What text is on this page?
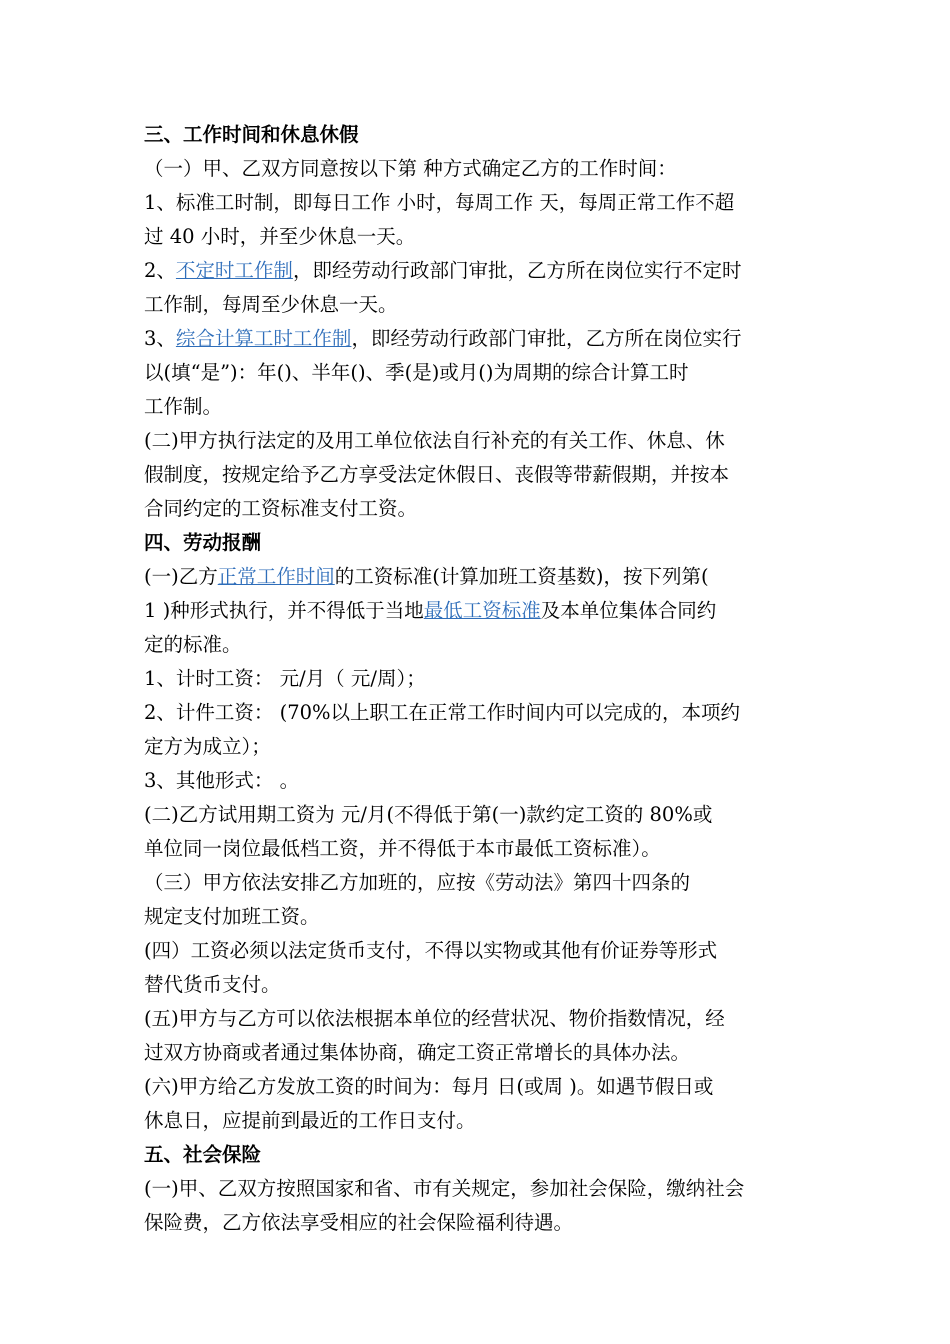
三、工作时间和休息休假
（一）甲、乙双方同意按以下第 种方式确定乙方的工作时间：
1、标准工时制，即每日工作 小时，每周工作 天，每周正常工作不超
过 40 小时，并至少休息一天。
2、不定时工作制，即经劳动行政部门审批，乙方所在岗位实行不定时
工作制，每周至少休息一天。
3、综合计算工时工作制，即经劳动行政部门审批，乙方所在岗位实行
以(填“是”)：年()、半年()、季(是)或月()为周期的综合计算工时
工作制。
(二)甲方执行法定的及用工单位依法自行补充的有关工作、休息、休
假制度，按规定给予乙方享受法定休假日、丧假等带薪假期，并按本
合同约定的工资标准支付工资。
四、劳动报酬
(一)乙方正常工作时间的工资标准(计算加班工资基数)，按下列第(
1 )种形式执行，并不得低于当地最低工资标准及本单位集体合同约
定的标准。
1、计时工资： 元/月（ 元/周）；
2、计件工资： (70%以上职工在正常工作时间内可以完成的，本项约
定方为成立）；
3、其他形式： 。
(二)乙方试用期工资为 元/月(不得低于第(一)款约定工资的 80%或
单位同一岗位最低档工资，并不得低于本市最低工资标准）。
（三）甲方依法安排乙方加班的，应按《劳动法》第四十四条的
规定支付加班工资。
(四）工资必须以法定货币支付，不得以实物或其他有价证券等形式
替代货币支付。
(五)甲方与乙方可以依法根据本单位的经营状况、物价指数情况，经
过双方协商或者通过集体协商，确定工资正常增长的具体办法。
(六)甲方给乙方发放工资的时间为：每月 日(或周 )。如遇节假日或
休息日，应提前到最近的工作日支付。
五、社会保险
(一)甲、乙双方按照国家和省、市有关规定，参加社会保险，缴纳社会
保险费，乙方依法享受相应的社会保险福利待遇。
